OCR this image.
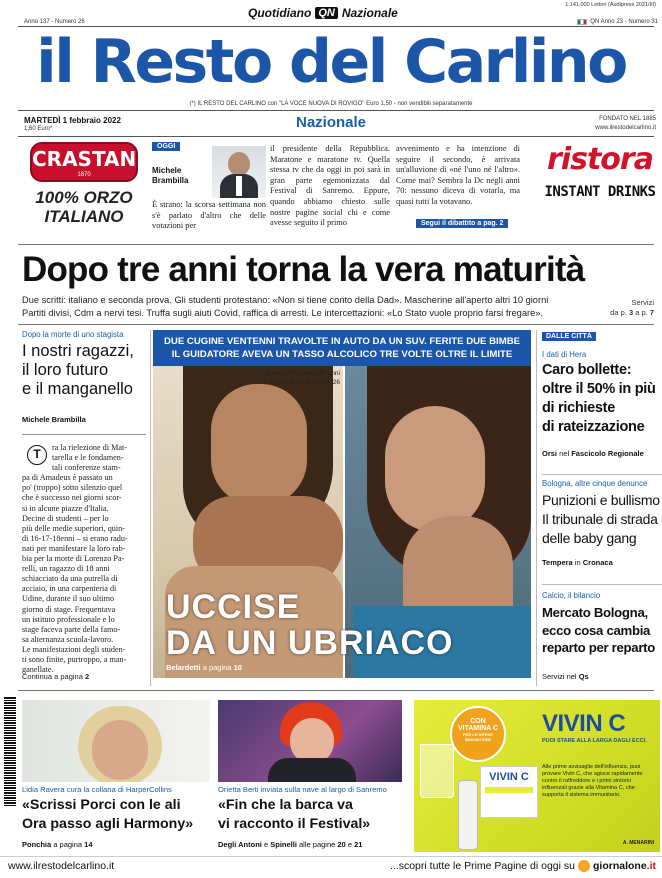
Anno 137 - Numero 26
Quotidiano QN Nazionale
1.141.000 Lettori (Audipress 2021/III)
QN Anno 23 - Numero 31
il Resto del Carlino
(*) IL RESTO DEL CARLINO con "LA VOCE NUOVA DI ROVIGO" Euro 1,50 - non vendibili separatamente
MARTEDÌ 1 febbraio 2022
1,60 Euro*	Nazionale	FONDATO NEL 1885
www.ilrestodelcarlino.it
CRASTAN
1870
100% ORZO
ITALIANO
OGGI
Michele
Brambilla
È strano: la scorsa settimana non s'è parlato d'altro che delle votazioni per
il presidente della Repubblica. Maratone e maratone tv. Quella stessa tv che da oggi in poi sarà in gran parte egemonizzata dal Festival di Sanremo. Eppure, quando abbiamo chiesto sulle nostre pagine social chi e come avesse seguito il primo
avvenimento e ha intenzione di seguire il secondo, è arrivata un'alluvione di «né l'uno né l'altro». Come mai? Sembra la Dc negli anni 70: nessuno diceva di votarla, ma quasi tutti la votavano.
Segui il dibattito a pag. 2
ristora
INSTANT DRINKS
Dopo tre anni torna la vera maturità
Due scritti: italiano e seconda prova. Gli studenti protestano: «Non si tiene conto della Dad». Mascherine all'aperto altri 10 giorni
Partiti divisi, Cdm a nervi tesi. Truffa sugli aiuti Covid, raffica di arresti. Le intercettazioni: «Lo Stato vuole proprio farsi fregare».
Servizi
da p. 3 a p. 7
Dopo la morte di uno stagista
I nostri ragazzi,
il loro futuro
e il manganello
Michele Brambilla
T	ra la rielezione di Mat-
tarella e le fondamen-
tali conferenze stam-
pa di Amadeus è passato un
po' (troppo) sotto silenzio quel
che è successo nei giorni scor-
si in alcune piazze d'Italia.
Decine di studenti – per lo
più delle medie superiori, quin-
di 16-17-18enni – si erano radu-
nati per manifestare la loro rab-
bia per la morte di Lorenzo Pa-
relli, un ragazzo di 18 anni
schiacciato da una putrella di
acciaio, in una carpenteria di
Udine, durante il suo ultimo
giorno di stage. Frequentava
un istituto professionale e lo
stage faceva parte della famo-
sa alternanza scuola-lavoro.
Le manifestazioni degli studen-
ti sono finite, purtroppo, a man-
ganellate.
Continua a pagina 2
DUE CUGINE VENTENNI TRAVOLTE IN AUTO DA UN SUV. FERITE DUE BIMBE
IL GUIDATORE AVEVA UN TASSO ALCOLICO TRE VOLTE OLTRE IL LIMITE
Jessica Fragasso, 20 anni
A destra, Sara Rizzotto, 26
UCCISE
DA UN UBRIACO
Belardetti a pagina 10
DALLE CITTÀ
I dati di Hera
Caro bollette:
oltre il 50% in più
di richieste
di rateizzazione
Orsi nel Fascicolo Regionale
Bologna, altre cinque denunce
Punizioni e bullismo
Il tribunale di strada
delle baby gang
Tempera in Cronaca
Calcio, il bilancio
Mercato Bologna,
ecco cosa cambia
reparto per reparto
Servizi nel Qs
Lidia Ravera cura la collana di HarperCollins
«Scrissi Porci con le ali
Ora passo agli Harmony»
Ponchia a pagina 14
Orietta Berti inviata sulla nave al largo di Sanremo
«Fin che la barca va
vi racconto il Festival»
Degli Antoni e Spinelli alle pagine 20 e 21
CON
VITAMINA C
PER LE DIFESE IMMUNITARIE
VIVIN C
PUOI STARE ALLA LARGA DAGLI ECCI.
VIVIN C
Alle prime avvisaglie dell'influenza, puoi provare Vivin C, che agisce rapidamente contro il raffreddore e i primi sintomi influenzali grazie alla Vitamina C, che supporta il sistema immunitario.
A. MENARINI
www.ilrestodelcarlino.it	...scopri tutte le Prime Pagine di oggi su giornalone.it
